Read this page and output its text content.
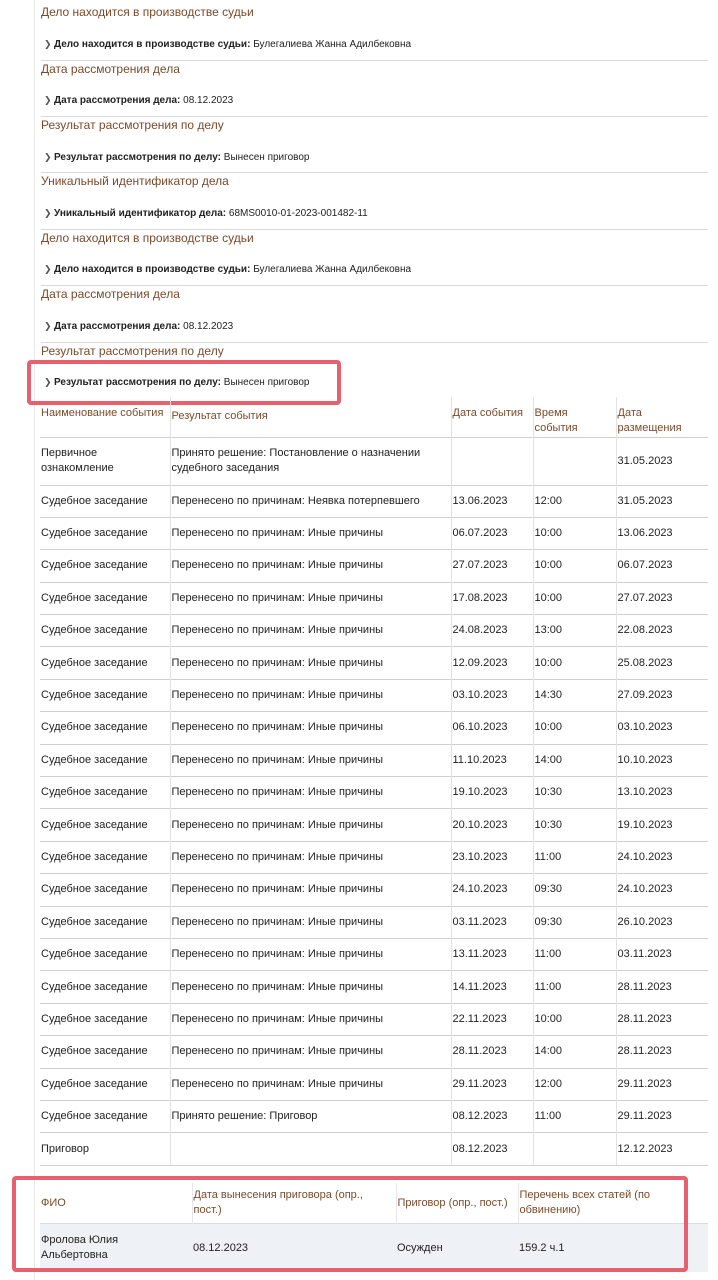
Дело находится в производстве судьи
❯ Дело находится в производстве судьи: Булегалиева Жанна Адилбековна
Дата рассмотрения дела
❯ Дата рассмотрения дела: 08.12.2023
Результат рассмотрения по делу
❯ Результат рассмотрения по делу: Вынесен приговор
Уникальный идентификатор дела
❯ Уникальный идентификатор дела: 68MS0010-01-2023-001482-11
Дело находится в производстве судьи
❯ Дело находится в производстве судьи: Булегалиева Жанна Адилбековна
Дата рассмотрения дела
❯ Дата рассмотрения дела: 08.12.2023
Результат рассмотрения по делу
❯ Результат рассмотрения по делу: Вынесен приговор
Наименование события	Результат события	Дата события	Время события	Дата размещения
Первичное ознакомление	Принято решение: Постановление о назначении судебного заседания			31.05.2023
Судебное заседание	Перенесено по причинам: Неявка потерпевшего	13.06.2023	12:00	31.05.2023
Судебное заседание	Перенесено по причинам: Иные причины	06.07.2023	10:00	13.06.2023
Судебное заседание	Перенесено по причинам: Иные причины	27.07.2023	10:00	06.07.2023
Судебное заседание	Перенесено по причинам: Иные причины	17.08.2023	10:00	27.07.2023
Судебное заседание	Перенесено по причинам: Иные причины	24.08.2023	13:00	22.08.2023
Судебное заседание	Перенесено по причинам: Иные причины	12.09.2023	10:00	25.08.2023
Судебное заседание	Перенесено по причинам: Иные причины	03.10.2023	14:30	27.09.2023
Судебное заседание	Перенесено по причинам: Иные причины	06.10.2023	10:00	03.10.2023
Судебное заседание	Перенесено по причинам: Иные причины	11.10.2023	14:00	10.10.2023
Судебное заседание	Перенесено по причинам: Иные причины	19.10.2023	10:30	13.10.2023
Судебное заседание	Перенесено по причинам: Иные причины	20.10.2023	10:30	19.10.2023
Судебное заседание	Перенесено по причинам: Иные причины	23.10.2023	11:00	24.10.2023
Судебное заседание	Перенесено по причинам: Иные причины	24.10.2023	09:30	24.10.2023
Судебное заседание	Перенесено по причинам: Иные причины	03.11.2023	09:30	26.10.2023
Судебное заседание	Перенесено по причинам: Иные причины	13.11.2023	11:00	03.11.2023
Судебное заседание	Перенесено по причинам: Иные причины	14.11.2023	11:00	28.11.2023
Судебное заседание	Перенесено по причинам: Иные причины	22.11.2023	10:00	28.11.2023
Судебное заседание	Перенесено по причинам: Иные причины	28.11.2023	14:00	28.11.2023
Судебное заседание	Перенесено по причинам: Иные причины	29.11.2023	12:00	29.11.2023
Судебное заседание	Принято решение: Приговор	08.12.2023	11:00	29.11.2023
Приговор		08.12.2023		12.12.2023
ФИО	Дата вынесения приговора (опр., пост.)	Приговор (опр., пост.)	Перечень всех статей (по обвинению)
Фролова Юлия Альбертовна	08.12.2023	Осужден	159.2 ч.1
